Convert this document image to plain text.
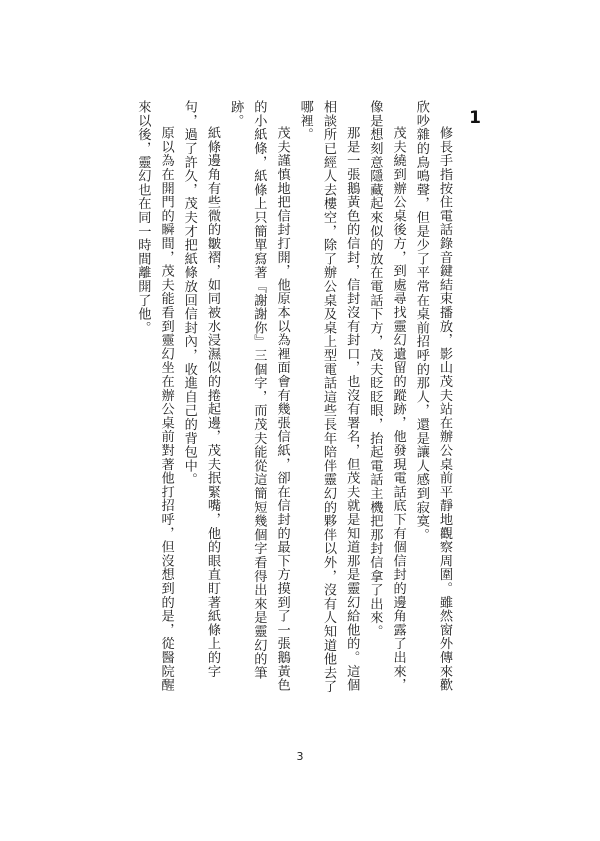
1

修長手指按住電話錄音鍵結束播放，影山茂夫站在辦公桌前平靜地觀察周圍。雖然窗外傳來歡欣吵雜的鳥鳴聲，但是少了平常在桌前招呼的那人，還是讓人感到寂寞。

茂夫繞到辦公桌後方，到處尋找靈幻遺留的蹤跡，他發現電話底下有個信封的邊角露了出來，像是想刻意隱藏起來似的放在電話下方，茂夫眨眨眼，抬起電話主機把那封信拿了出來。

那是一張鵝黃色的信封，信封沒有封口，也沒有署名，但茂夫就是知道那是靈幻給他的。這個相談所已經人去樓空，除了辦公桌及桌上型電話這些長年陪伴靈幻的夥伴以外，沒有人知道他去了哪裡。

茂夫謹慎地把信封打開，他原本以為裡面會有幾張信紙，卻在信封的最下方摸到了一張鵝黃色的小紙條，紙條上只簡單寫著『謝謝你』三個字，而茂夫能從這簡短幾個字看得出來是靈幻的筆跡。

紙條邊角有些微的皺褶，如同被水浸濕似的捲起邊，茂夫抿緊嘴，他的眼直盯著紙條上的字句，過了許久，茂夫才把紙條放回信封內，收進自己的背包中。

原以為在開門的瞬間，茂夫能看到靈幻坐在辦公桌前對著他打招呼，但沒想到的是，從醫院醒來以後，靈幻也在同一時間離開了他。

3
